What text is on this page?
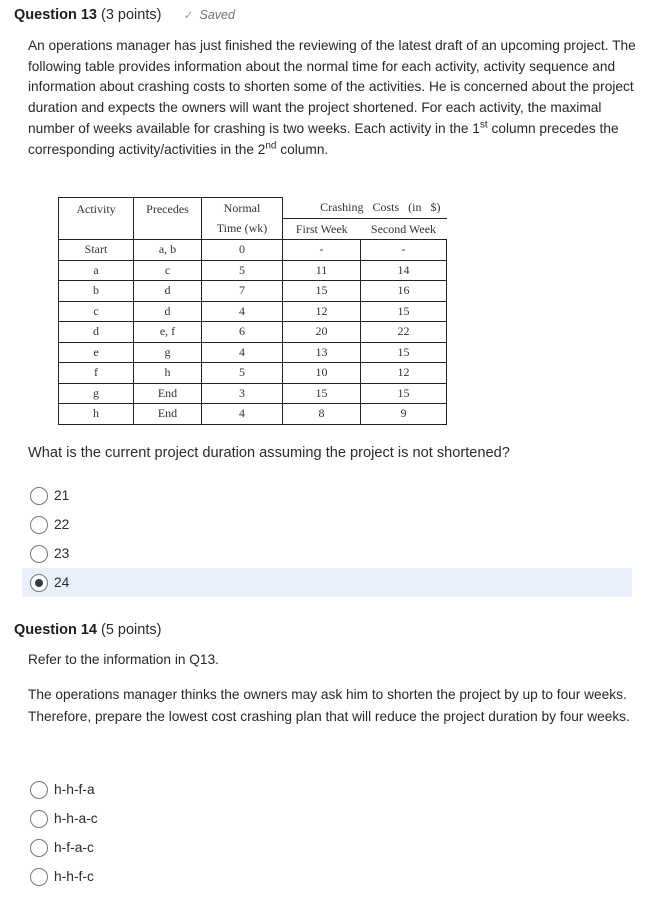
Question 13 (3 points) ✓ Saved
An operations manager has just finished the reviewing of the latest draft of an upcoming project. The following table provides information about the normal time for each activity, activity sequence and information about crashing costs to shorten some of the activities. He is concerned about the project duration and expects the owners will want the project shortened. For each activity, the maximal number of weeks available for crashing is two weeks. Each activity in the 1st column precedes the corresponding activity/activities in the 2nd column.
Activity	Precedes	Normal	Crashing Costs (in $)	
		Time (wk)	First Week	Second Week
Start	a, b	0	-	-
a	c	5	11	14
b	d	7	15	16
c	d	4	12	15
d	e, f	6	20	22
e	g	4	13	15
f	h	5	10	12
g	End	3	15	15
h	End	4	8	9
What is the current project duration assuming the project is not shortened?
21
22
23
24
Question 14 (5 points)
Refer to the information in Q13.
The operations manager thinks the owners may ask him to shorten the project by up to four weeks. Therefore, prepare the lowest cost crashing plan that will reduce the project duration by four weeks.
h-h-f-a
h-h-a-c
h-f-a-c
h-h-f-c
